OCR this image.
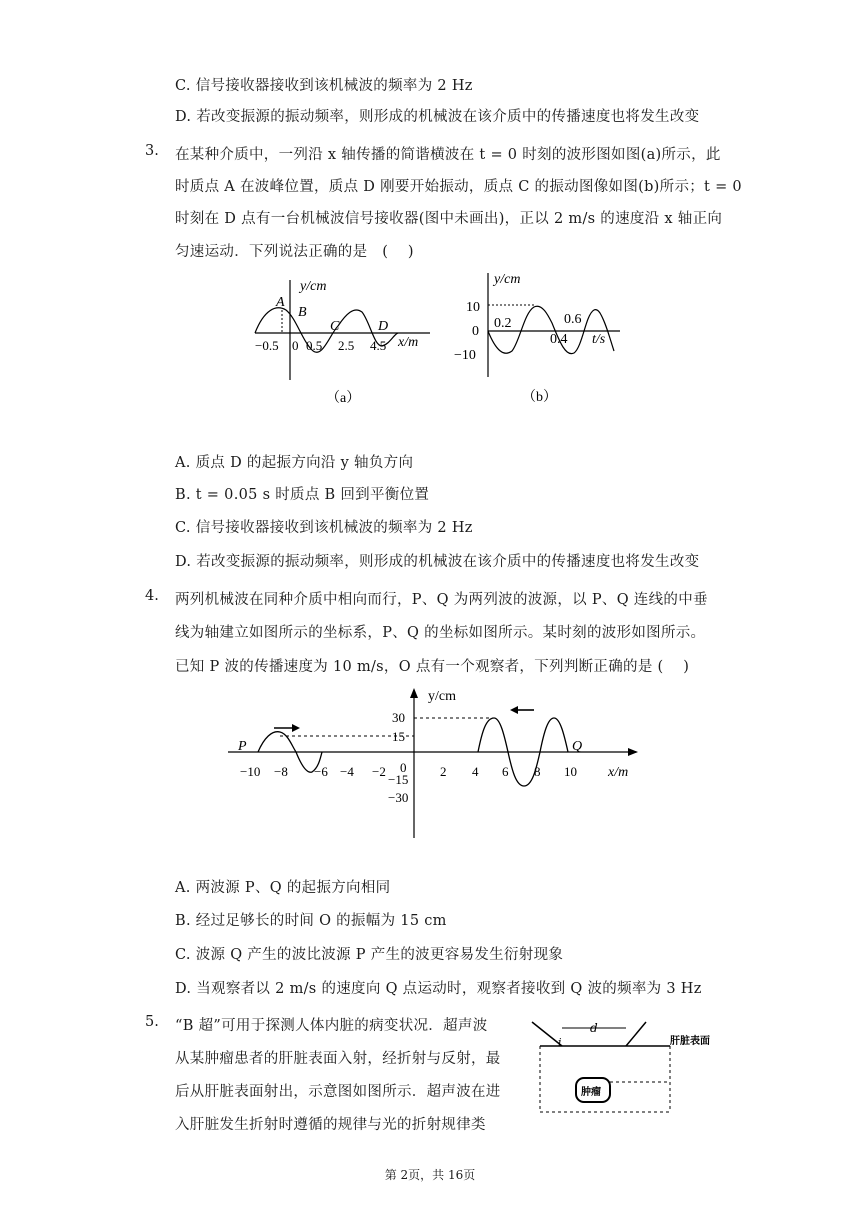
C. 信号接收器接收到该机械波的频率为 2 Hz
D. 若改变振源的振动频率，则形成的机械波在该介质中的传播速度也将发生改变
3. 在某种介质中，一列沿 x 轴传播的简谐横波在 t = 0 时刻的波形图如图(a)所示，此
时质点 A 在波峰位置，质点 D 刚要开始振动，质点 C 的振动图像如图(b)所示；t = 0
时刻在 D 点有一台机械波信号接收器(图中未画出)，正以 2 m/s 的速度沿 x 轴正向
匀速运动．下列说法正确的是　(　 )
y/cm
A
B
C	D
−0.5 0 0.5 2.5 4.5 x/m
（a）
y/cm
10
0
−10
0.2
0.4
0.6
t/s
（b）
A. 质点 D 的起振方向沿 y 轴负方向
B. t = 0.05 s 时质点 B 回到平衡位置
C. 信号接收器接收到该机械波的频率为 2 Hz
D. 若改变振源的振动频率，则形成的机械波在该介质中的传播速度也将发生改变
4. 两列机械波在同种介质中相向而行，P、Q 为两列波的波源，以 P、Q 连线的中垂
线为轴建立如图所示的坐标系，P、Q 的坐标如图所示。某时刻的波形如图所示。
已知 P 波的传播速度为 10 m/s，O 点有一个观察者，下列判断正确的是 (　 )
y/cm
P	Q
−10 −8 −6 −4 −2 0	2 4 6 8 10 x/m
30
15
−15
−30
A. 两波源 P、Q 的起振方向相同
B. 经过足够长的时间 O 的振幅为 15 cm
C. 波源 Q 产生的波比波源 P 产生的波更容易发生衍射现象
D. 当观察者以 2 m/s 的速度向 Q 点运动时，观察者接收到 Q 波的频率为 3 Hz
5. “B 超”可用于探测人体内脏的病变状况．超声波
从某肿瘤患者的肝脏表面入射，经折射与反射，最
后从肝脏表面射出，示意图如图所示．超声波在进
入肝脏发生折射时遵循的规律与光的折射规律类
d
i
肿瘤
肝脏表面
第 2页，共 16页
